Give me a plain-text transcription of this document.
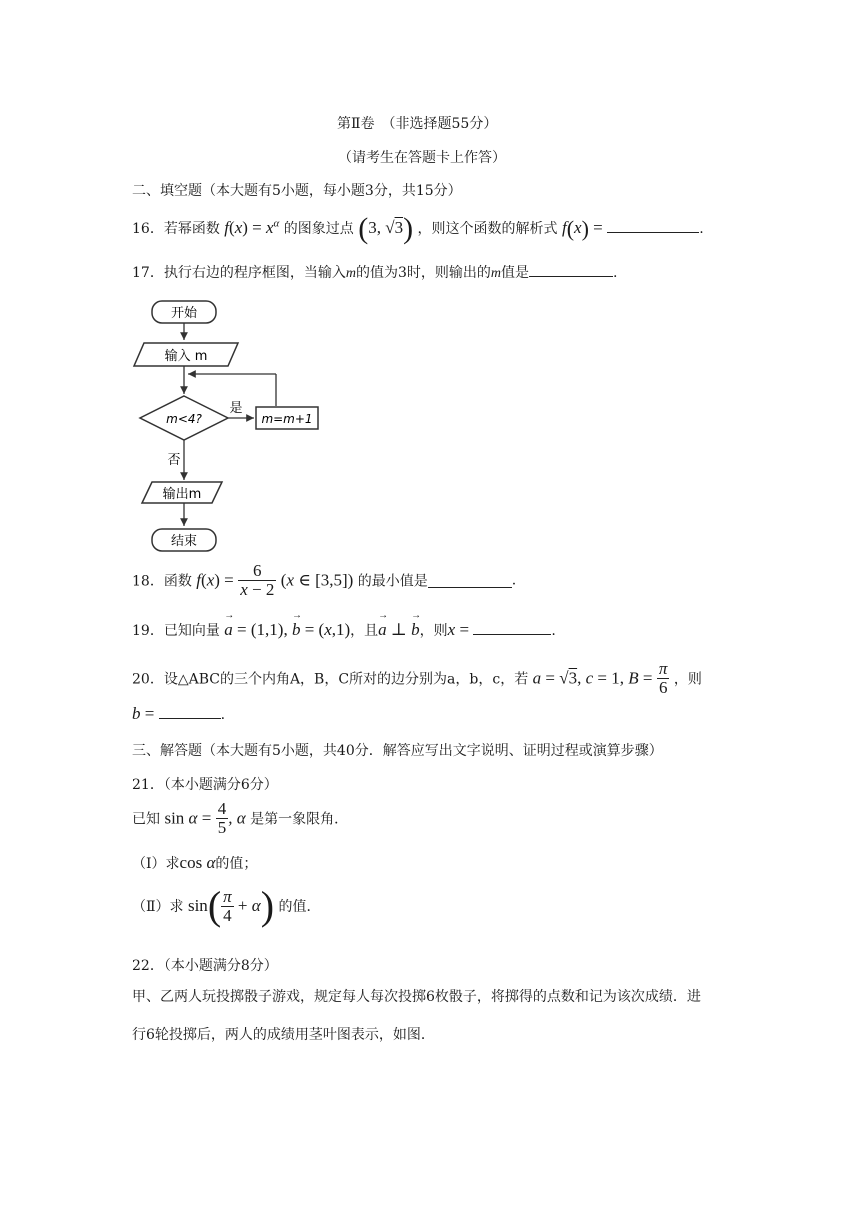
第Ⅱ卷　（非选择题55分）
（请考生在答题卡上作答）
二、填空题（本大题有5小题，每小题3分，共15分）
16．若幂函数 $f(x) = x^\alpha$ 的图象过点 (3, √3) ，则这个函数的解析式 f(x) =	.
17．执行右边的程序框图，当输入m的值为3时，则输出的m值是	.
开始
输入 m
m<4?
是
m=m+1
否
输出m
结束
18．函数 $f(x) = \frac{6}{x - 2} (x$ ∈ [3,5]) 的最小值是	.
19．已知向量 → a = (1,1), → b = (x,1)，且→ a ⊥ → b，则x =	.
20．设△ABC的三个内角A，B，C所对的边分别为a，b，c，若 a = √3, c = 1, $B = \frac{\pi}{6}$ ，则
b =	.
三、解答题（本大题有5小题，共40分．解答应写出文字说明、证明过程或演算步骤）
21．（本小题满分6分）
已知 $\sin \alpha = \frac{4}{5}$ , α 是第一象限角．
（Ⅰ）求cos α的值；
（Ⅱ）求 $\sin( \frac{\pi}{4} + \alpha)$ 的值．
22．（本小题满分8分）
甲、乙两人玩投掷骰子游戏，规定每人每次投掷6枚骰子，将掷得的点数和记为该次成绩．进
行6轮投掷后，两人的成绩用茎叶图表示，如图．
